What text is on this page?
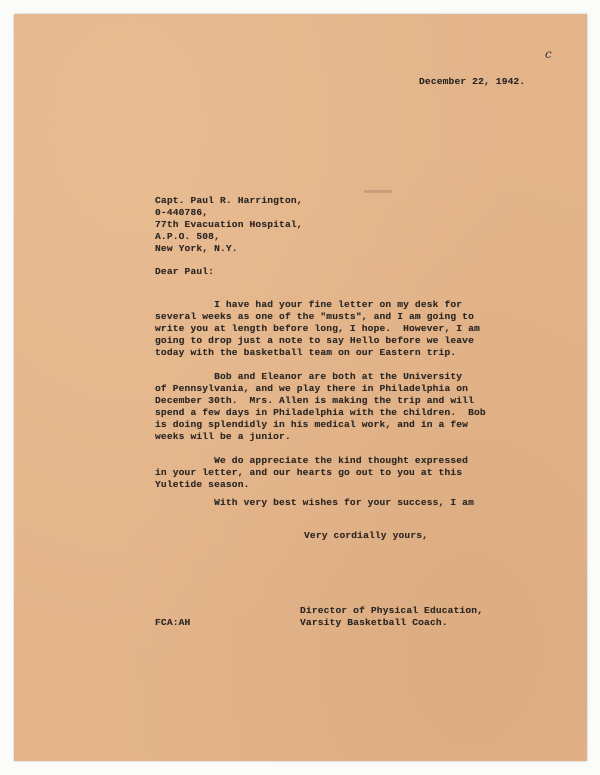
c
December 22, 1942.
Capt. Paul R. Harrington,
0-440786,
77th Evacuation Hospital,
A.P.O. 508,
New York, N.Y.
Dear Paul:
I have had your fine letter on my desk for
several weeks as one of the "musts", and I am going to
write you at length before long, I hope.  However, I am
going to drop just a note to say Hello before we leave
today with the basketball team on our Eastern trip.
Bob and Eleanor are both at the University
of Pennsylvania, and we play there in Philadelphia on
December 30th.  Mrs. Allen is making the trip and will
spend a few days in Philadelphia with the children.  Bob
is doing splendidly in his medical work, and in a few
weeks will be a junior.
We do appreciate the kind thought expressed
in your letter, and our hearts go out to you at this
Yuletide season.
With very best wishes for your success, I am
Very cordially yours,
Director of Physical Education,
Varsity Basketball Coach.
FCA:AH
